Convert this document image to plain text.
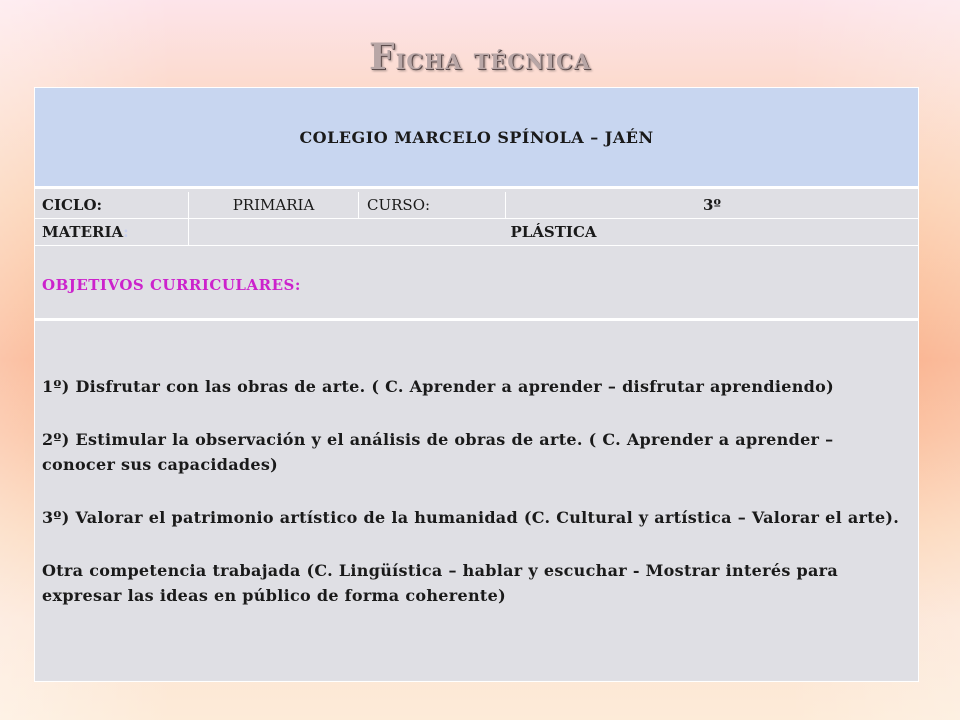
Ficha técnica
COLEGIO MARCELO SPÍNOLA – JAÉN
CICLO:	PRIMARIA	CURSO:	3º
MATERIA :	PLÁSTICA
OBJETIVOS CURRICULARES:

1º) Disfrutar con las obras de arte. ( C. Aprender a aprender – disfrutar aprendiendo)

2º) Estimular la observación y el análisis de obras de arte. ( C. Aprender a aprender – conocer sus capacidades)

3º) Valorar el patrimonio artístico de la humanidad (C. Cultural y artística – Valorar el arte).

Otra competencia trabajada (C. Lingüística – hablar y escuchar - Mostrar interés para expresar las ideas en público de forma coherente)
